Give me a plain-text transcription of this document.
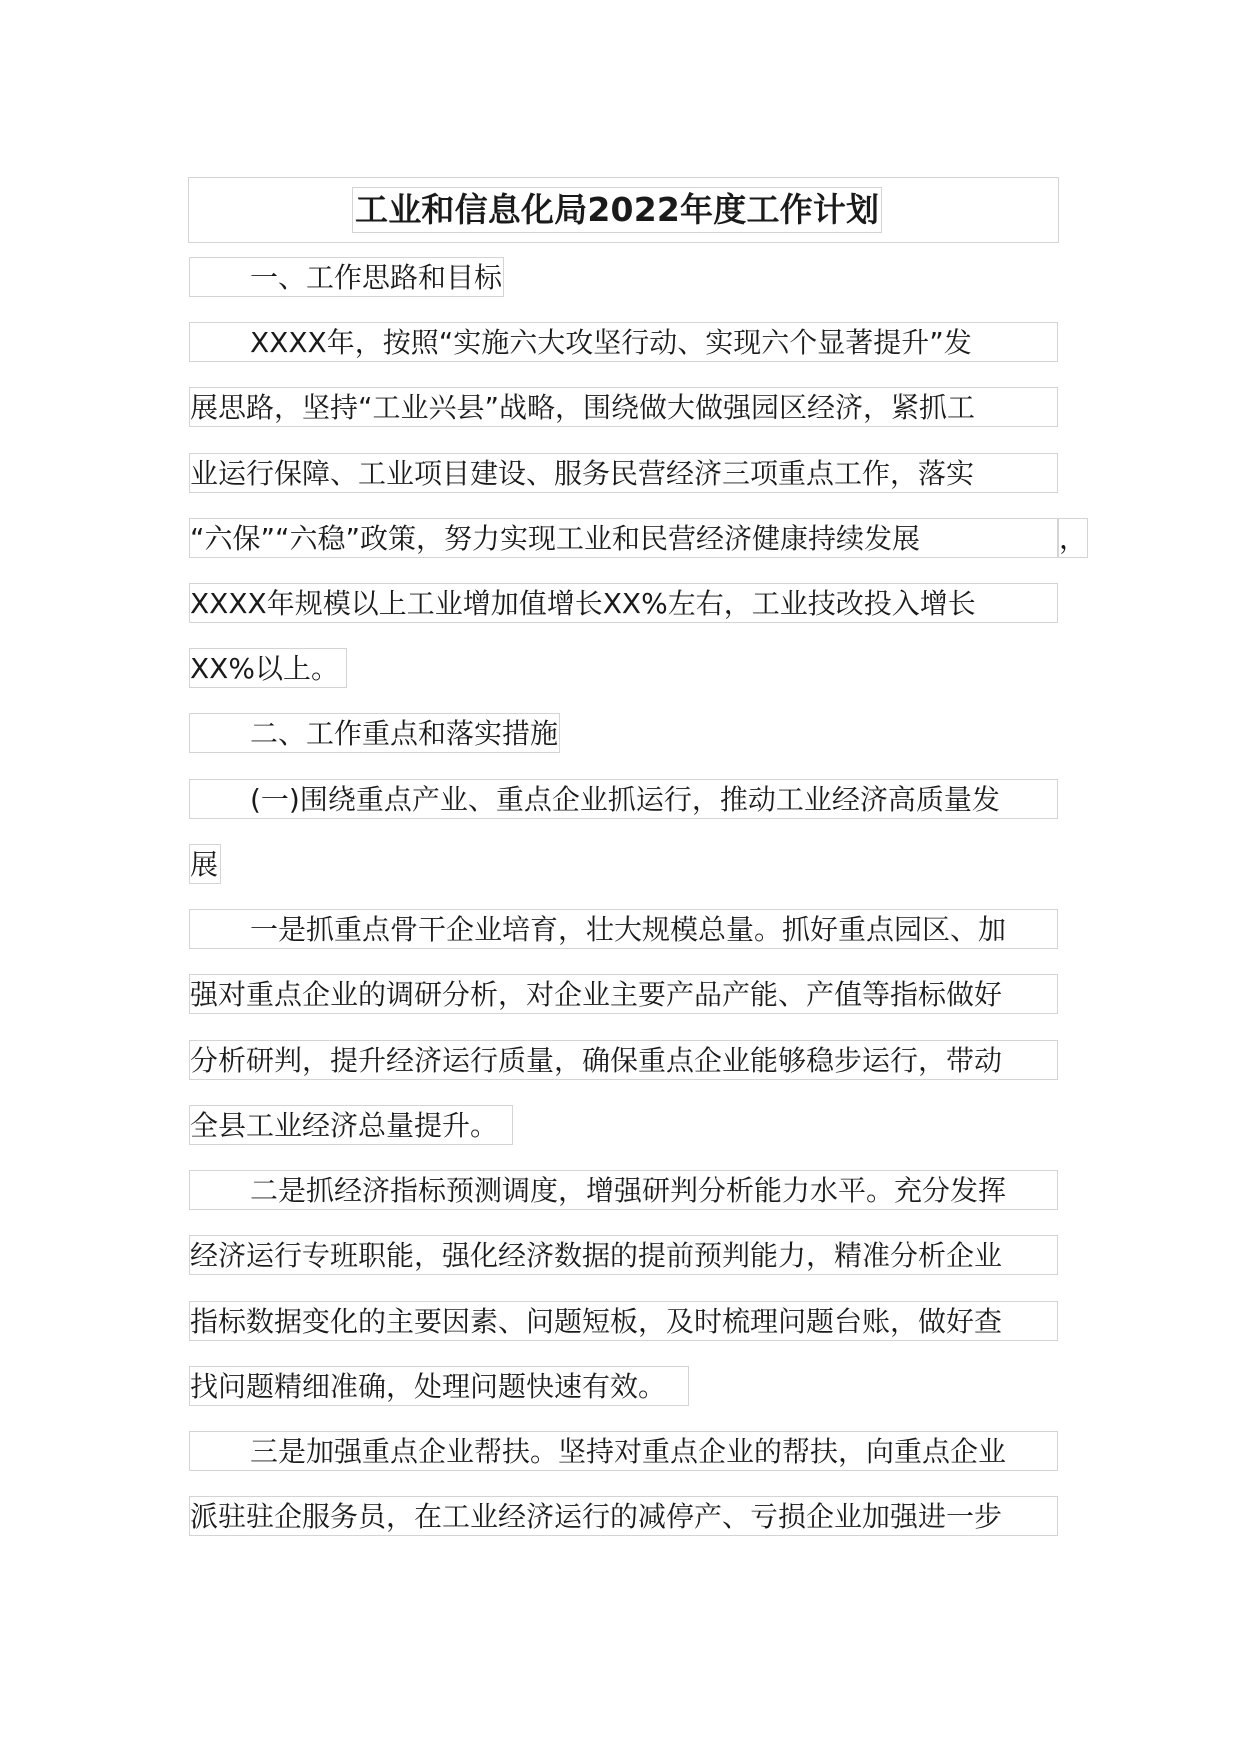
工业和信息化局2022年度工作计划
一、工作思路和目标
XXXX年，按照“实施六大攻坚行动、实现六个显著提升”发
展思路，坚持“工业兴县”战略，围绕做大做强园区经济，紧抓工
业运行保障、工业项目建设、服务民营经济三项重点工作，落实
“六保”“六稳”政策，努力实现工业和民营经济健康持续发展	，
XXXX年规模以上工业增加值增长XX%左右，工业技改投入增长
XX%以上。
二、工作重点和落实措施
(一)围绕重点产业、重点企业抓运行，推动工业经济高质量发
展
一是抓重点骨干企业培育，壮大规模总量。抓好重点园区、加
强对重点企业的调研分析，对企业主要产品产能、产值等指标做好
分析研判，提升经济运行质量，确保重点企业能够稳步运行，带动
全县工业经济总量提升。
二是抓经济指标预测调度，增强研判分析能力水平。充分发挥
经济运行专班职能，强化经济数据的提前预判能力，精准分析企业
指标数据变化的主要因素、问题短板，及时梳理问题台账，做好查
找问题精细准确，处理问题快速有效。
三是加强重点企业帮扶。坚持对重点企业的帮扶，向重点企业
派驻驻企服务员，在工业经济运行的减停产、亏损企业加强进一步
